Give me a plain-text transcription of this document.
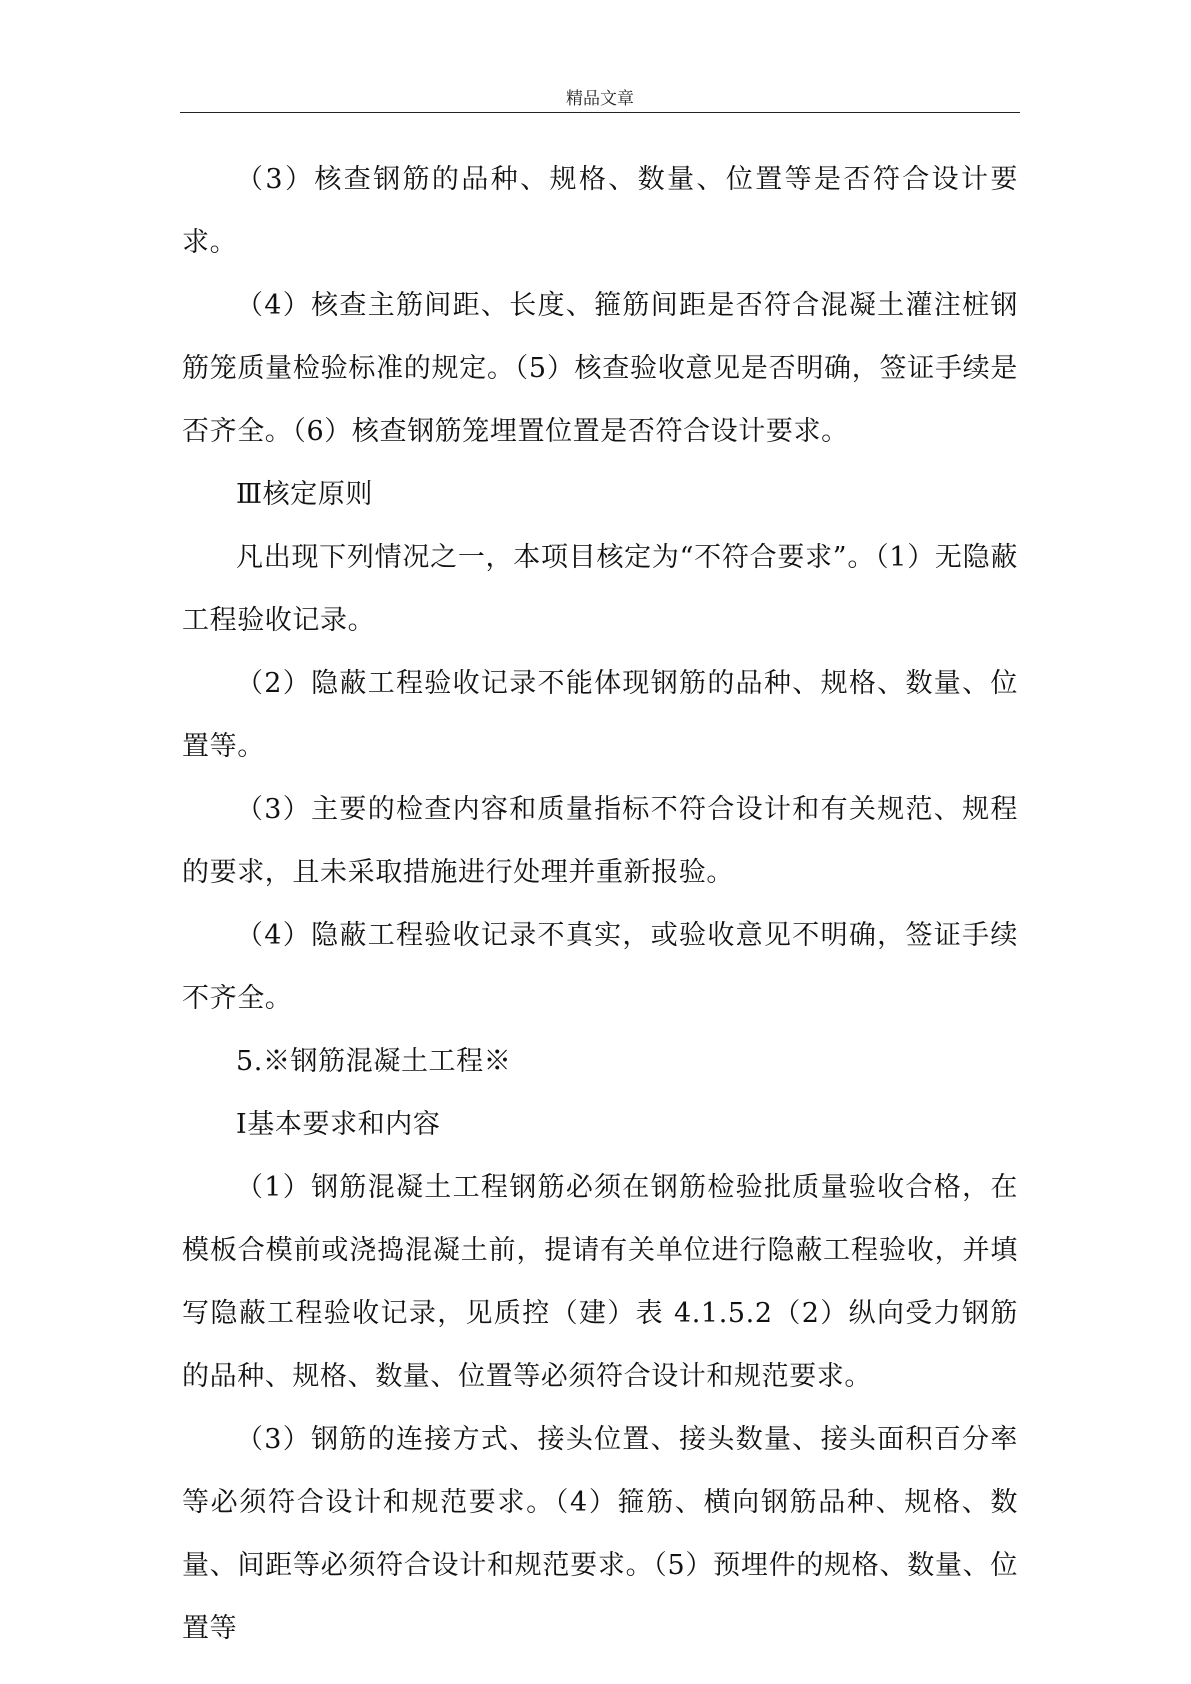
精品文章

（3）核查钢筋的品种、规格、数量、位置等是否符合设计要求。

（4）核查主筋间距、长度、箍筋间距是否符合混凝土灌注桩钢筋笼质量检验标准的规定。（5）核查验收意见是否明确，签证手续是否齐全。（6）核查钢筋笼埋置位置是否符合设计要求。

Ⅲ核定原则

凡出现下列情况之一，本项目核定为“不符合要求”。（1）无隐蔽工程验收记录。

（2）隐蔽工程验收记录不能体现钢筋的品种、规格、数量、位置等。

（3）主要的检查内容和质量指标不符合设计和有关规范、规程的要求，且未采取措施进行处理并重新报验。

（4）隐蔽工程验收记录不真实，或验收意见不明确，签证手续不齐全。

5.※钢筋混凝土工程※

Ⅰ基本要求和内容

（1）钢筋混凝土工程钢筋必须在钢筋检验批质量验收合格，在模板合模前或浇捣混凝土前，提请有关单位进行隐蔽工程验收，并填写隐蔽工程验收记录，见质控（建）表 4.1.5.2（2）纵向受力钢筋的品种、规格、数量、位置等必须符合设计和规范要求。

（3）钢筋的连接方式、接头位置、接头数量、接头面积百分率等必须符合设计和规范要求。（4）箍筋、横向钢筋品种、规格、数量、间距等必须符合设计和规范要求。（5）预埋件的规格、数量、位置等
